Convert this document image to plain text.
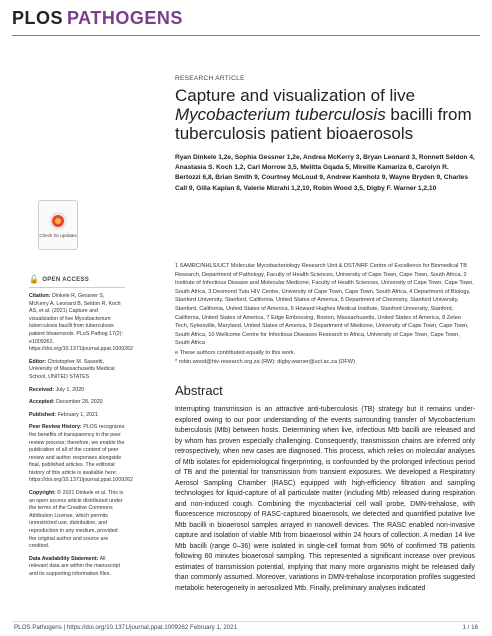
PLOS PATHOGENS
Check for updates
🔓 OPEN ACCESS
Citation: Dinkele R, Gessner S, McKerry A, Leonard B, Seldon R, Koch AS, et al. (2021) Capture and visualization of live Mycobacterium tuberculosis bacilli from tuberculosis patient bioaerosols. PLoS Pathog 17(2): e1009262. https://doi.org/10.1371/journal.ppat.1009262
Editor: Christopher M. Sassetti, University of Massachusetts Medical School, UNITED STATES
Received: July 1, 2020
Accepted: December 28, 2020
Published: February 1, 2021
Peer Review History: PLOS recognizes the benefits of transparency in the peer review process; therefore, we enable the publication of all of the content of peer review and author responses alongside final, published articles. The editorial history of this article is available here: https://doi.org/10.1371/journal.ppat.1009262
Copyright: © 2021 Dinkele et al. This is an open access article distributed under the terms of the Creative Commons Attribution License, which permits unrestricted use, distribution, and reproduction in any medium, provided the original author and source are credited.
Data Availability Statement: All relevant data are within the manuscript and its supporting information files.
RESEARCH ARTICLE
Capture and visualization of live
Mycobacterium tuberculosis bacilli from
tuberculosis patient bioaerosols
Ryan Dinkele 1,2e, Sophia Gessner 1,2e, Andrea McKerry 3, Bryan Leonard 3, Ronnett Seldon 4, Anastasia S. Koch 1,2, Carl Morrow 3,5, Melitta Gqada 5, Mireille Kamariza 6, Carolyn R. Bertozzi 6,8, Brian Smith 9, Courtney McLoud 9, Andrew Kamholz 9, Wayne Bryden 9, Charles Call 9, Gilla Kaplan 8, Valerie Mizrahi 1,2,10, Robin Wood 3,5, Digby F. Warner 1,2,10
1 SAMRC/NHLS/UCT Molecular Mycobacteriology Research Unit & DST/NRF Centre of Excellence for Biomedical TB Research, Department of Pathology, Faculty of Health Sciences, University of Cape Town, Cape Town, South Africa, 2 Institute of Infectious Disease and Molecular Medicine, Faculty of Health Sciences, University of Cape Town, Cape Town, South Africa, 3 Desmond Tutu HIV Centre, University of Cape Town, Cape Town, South Africa, 4 Department of Biology, Stanford University, Stanford, California, United States of America, 5 Department of Chemistry, Stanford University, Stanford, California, United States of America, 6 Howard Hughes Medical Institute, Stanford University, Stanford, California, United States of America, 7 Edge Embossing, Boston, Massachusetts, United States of America, 8 Zeteo Tech, Sykesville, Maryland, United States of America, 9 Department of Medicine, University of Cape Town, Cape Town, South Africa, 10 Wellcome Centre for Infectious Diseases Research in Africa, University of Cape Town, Cape Town, South Africa
e These authors contributed equally to this work.
* robin.wood@hiv-research.org.za (RW); digby.warner@uct.ac.za (DFW)
Abstract
Interrupting transmission is an attractive anti-tuberculosis (TB) strategy but it remains under-explored owing to our poor understanding of the events surrounding transfer of Mycobacterium tuberculosis (Mtb) between hosts. Determining when live, infectious Mtb bacilli are released and by whom has proven especially challenging. Consequently, transmission chains are inferred only retrospectively, when new cases are diagnosed. This process, which relies on molecular analyses of Mtb isolates for epidemiological fingerprinting, is confounded by the prolonged infectious period of TB and the potential for transmission from transient exposures. We developed a Respiratory Aerosol Sampling Chamber (RASC) equipped with high-efficiency filtration and sampling technologies for liquid-capture of all particulate matter (including Mtb) released during respiration and non-induced cough. Combining the mycobacterial cell wall probe, DMN-trehalose, with fluorescence microscopy of RASC-captured bioaerosols, we detected and quantified putative live Mtb bacilli in bioaerosol samples arrayed in nanowell devices. The RASC enabled non-invasive capture and isolation of viable Mtb from bioaerosol within 24 hours of collection. A median 14 live Mtb bacilli (range 0–36) were isolated in single-cell format from 90% of confirmed TB patients following 60 minutes bioaerosol sampling. This represented a significant increase over previous estimates of transmission potential, implying that many more organisms might be released daily than commonly assumed. Moreover, variations in DMN-trehalose incorporation profiles suggested metabolic heterogeneity in aerosolized Mtb. Finally, preliminary analyses indicated
PLOS Pathogens | https://doi.org/10.1371/journal.ppat.1009262 February 1, 2021	1 / 16
